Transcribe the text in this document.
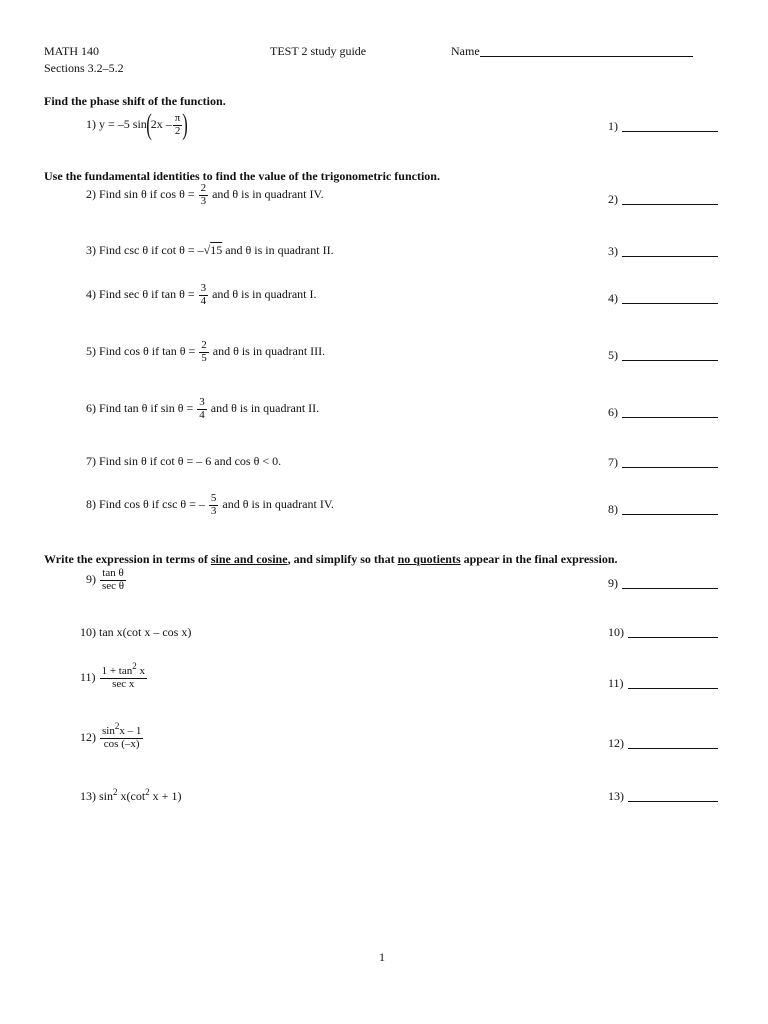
MATH 140
Sections 3.2–5.2
TEST 2 study guide	Name
Find the phase shift of the function.
1) y = –5 $\sin(2x - \frac{\pi}{2}$ )
Use the fundamental identities to find the value of the trigonometric function.
2) Find sin θ if $\cos \theta = \frac{2}{3}$ and θ is in quadrant IV.
3) Find csc θ if cot θ = –√15 and θ is in quadrant II.
4) Find sec θ if $\tan \theta = \frac{3}{4}$ and θ is in quadrant I.
5) Find cos θ if $\tan \theta = \frac{2}{5}$ and θ is in quadrant III.
6) Find tan θ if $\sin \theta = \frac{3}{4}$ and θ is in quadrant II.
7) Find sin θ if cot θ = – 6 and cos θ < 0.
8) Find cos θ if csc θ = – $\frac{5}{3}$ and θ is in quadrant IV.
Write the expression in terms of sine and cosine, and simplify so that no quotients appear in the final expression.
$9) \frac{\text{tan θ}}{\text{sec θ}}$
10) tan x(cot x – cos x)
$11) \frac{1 + \tan^2 x}{\text{sec x}}$
$12) \frac{\sin^2x - 1}{\cos (-x)}$
13) $\sin^2 x(\cot^2$ x + 1)
1)
2)
3)
4)
5)
6)
7)
8)
9)
10)
11)
12)
13)
1
